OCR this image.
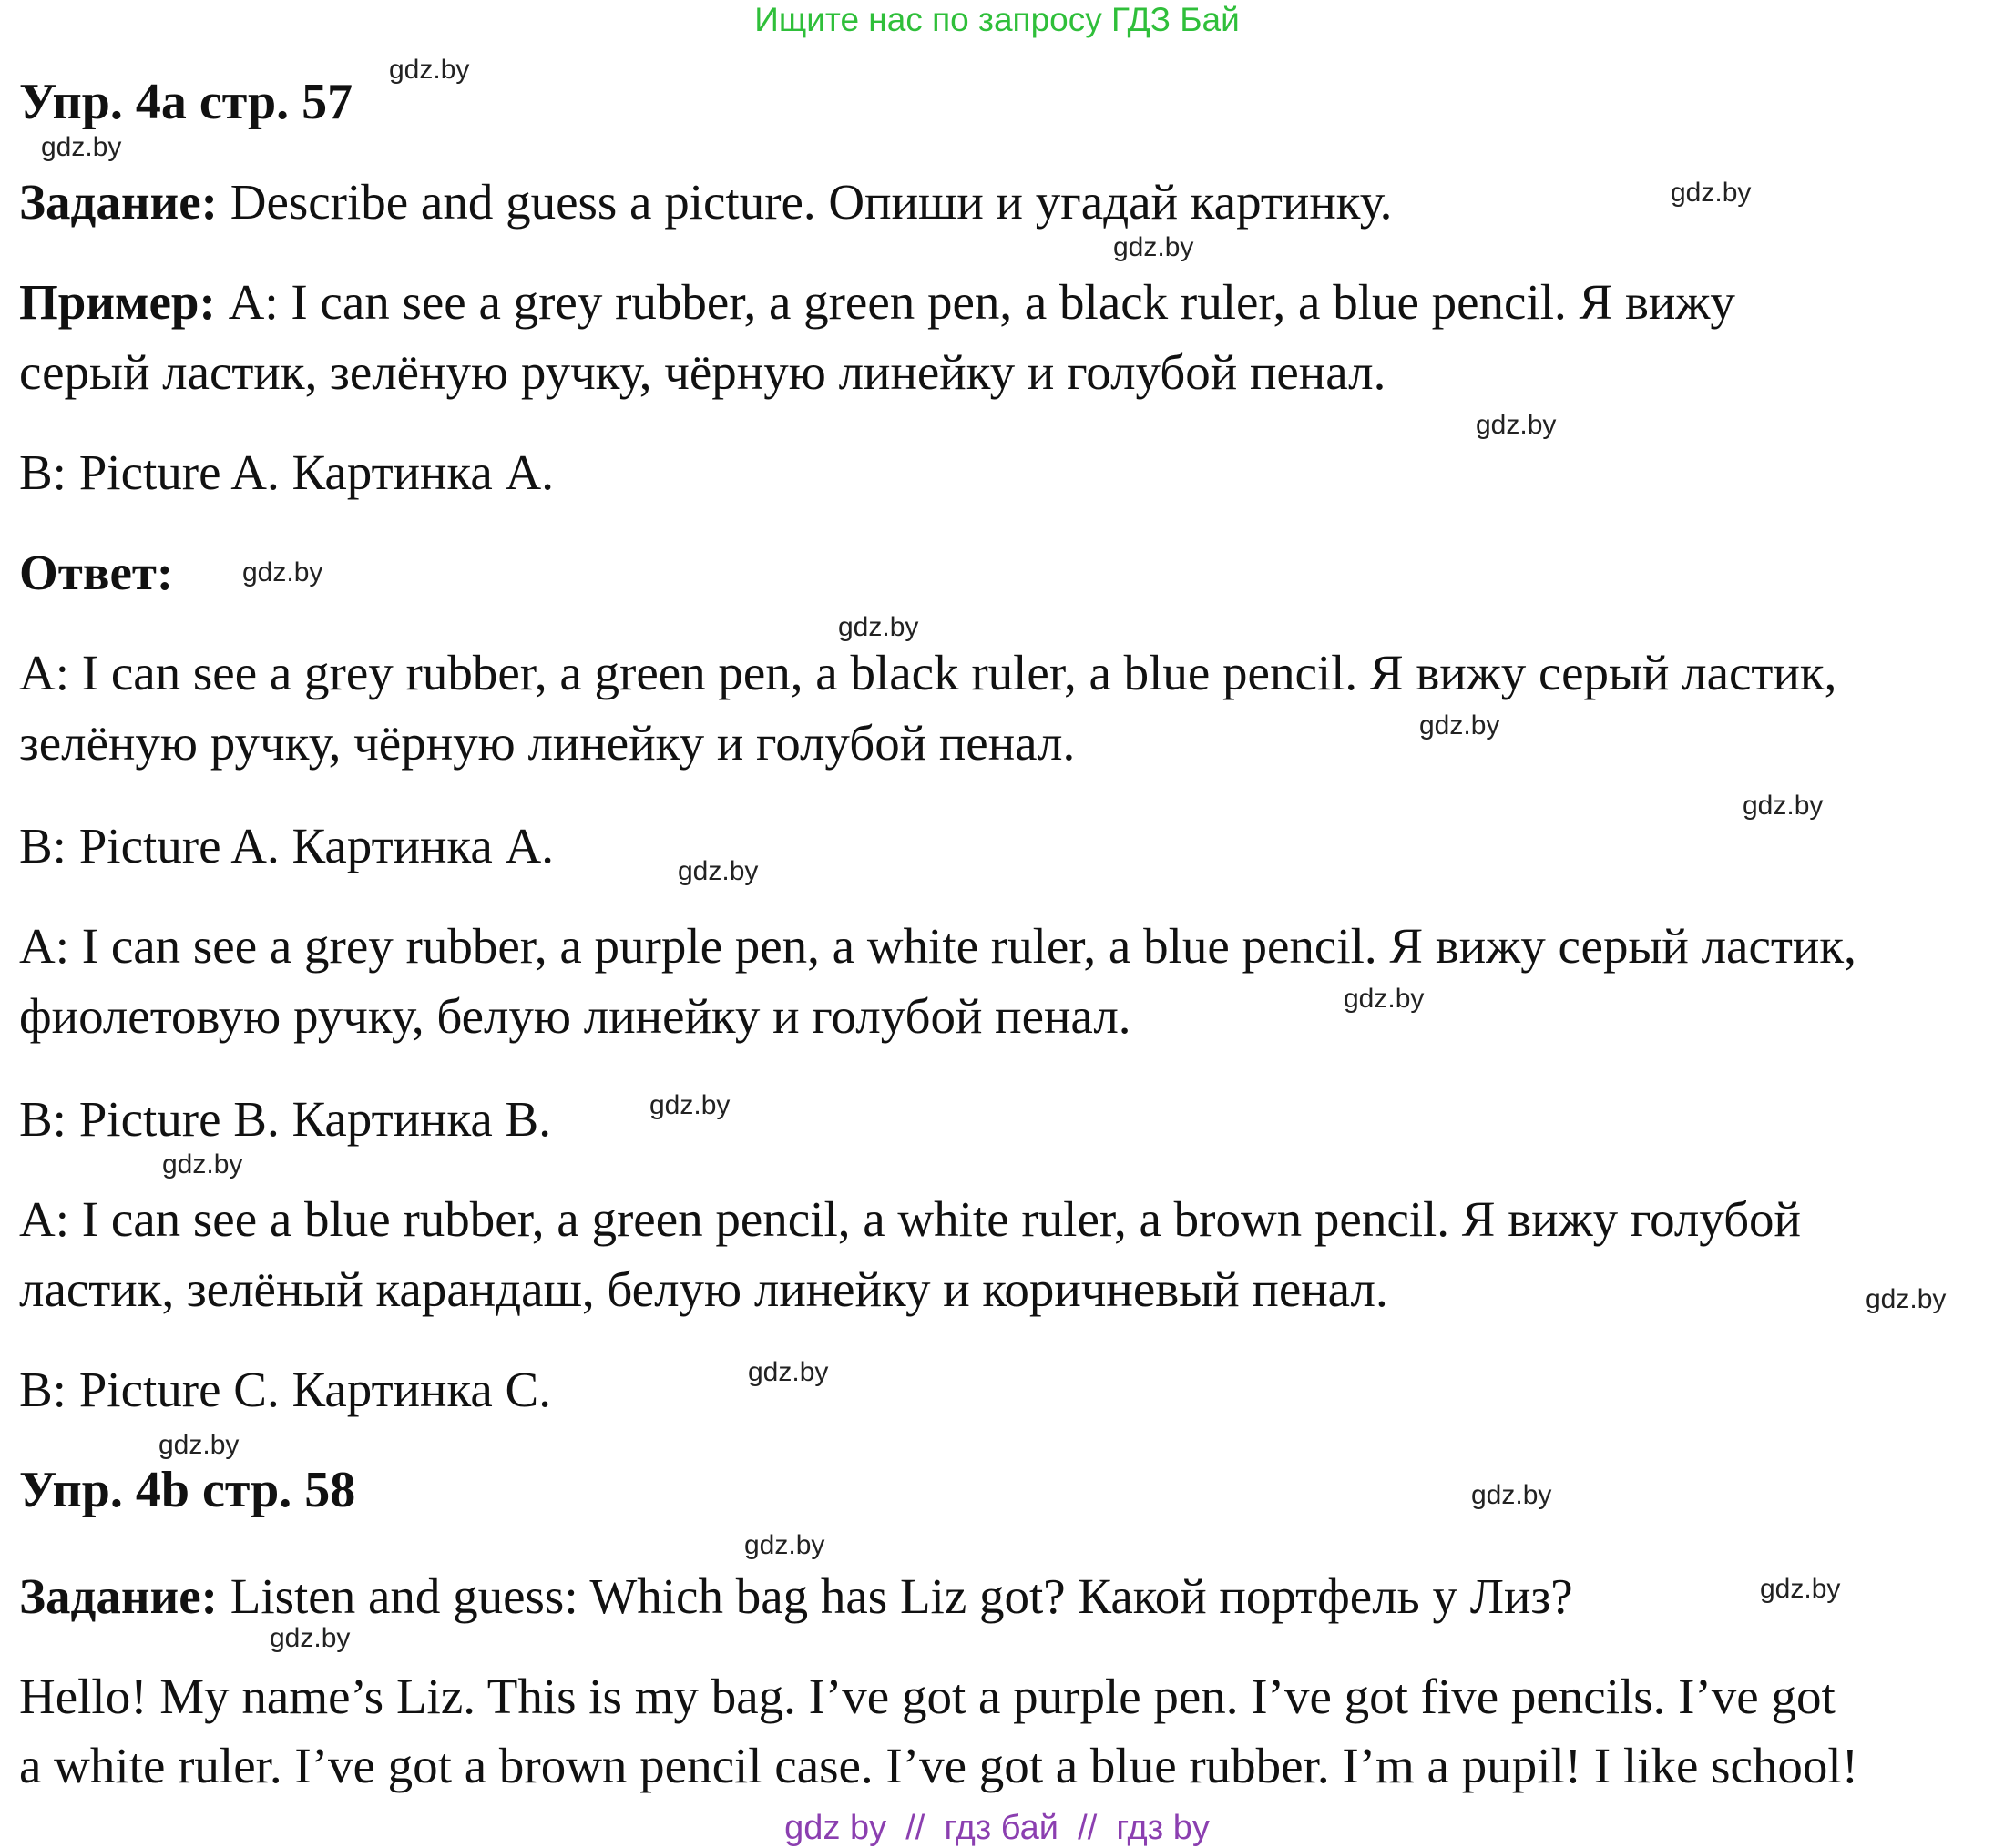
Ищите нас по запросу ГДЗ Бай
Упр. 4а стр. 57
Задание: Describe and guess a picture. Опиши и угадай картинку.
Пример: A: I can see a grey rubber, a green pen, a black ruler, a blue pencil. Я вижу
серый ластик, зелёную ручку, чёрную линейку и голубой пенал.
B: Picture A. Картинка A.
Ответ:
A: I can see a grey rubber, a green pen, a black ruler, a blue pencil. Я вижу серый ластик,
зелёную ручку, чёрную линейку и голубой пенал.
B: Picture A. Картинка A.
A: I can see a grey rubber, a purple pen, a white ruler, a blue pencil. Я вижу серый ластик,
фиолетовую ручку, белую линейку и голубой пенал.
B: Picture B. Картинка B.
A: I can see a blue rubber, a green pencil, a white ruler, a brown pencil. Я вижу голубой
ластик, зелёный карандаш, белую линейку и коричневый пенал.
B: Picture C. Картинка C.
Упр. 4b стр. 58
Задание: Listen and guess: Which bag has Liz got? Какой портфель у Лиз?
Hello! My name’s Liz. This is my bag. I’ve got a purple pen. I’ve got five pencils. I’ve got
a white ruler. I’ve got a brown pencil case. I’ve got a blue rubber. I’m a pupil! I like school!
gdz.by
gdz.by
gdz.by
gdz.by
gdz.by
gdz.by
gdz.by
gdz.by
gdz.by
gdz.by
gdz.by
gdz.by
gdz.by
gdz.by
gdz.by
gdz.by
gdz.by
gdz.by
gdz.by
gdz.by
gdz by  //  гдз бай  //  гдз by
